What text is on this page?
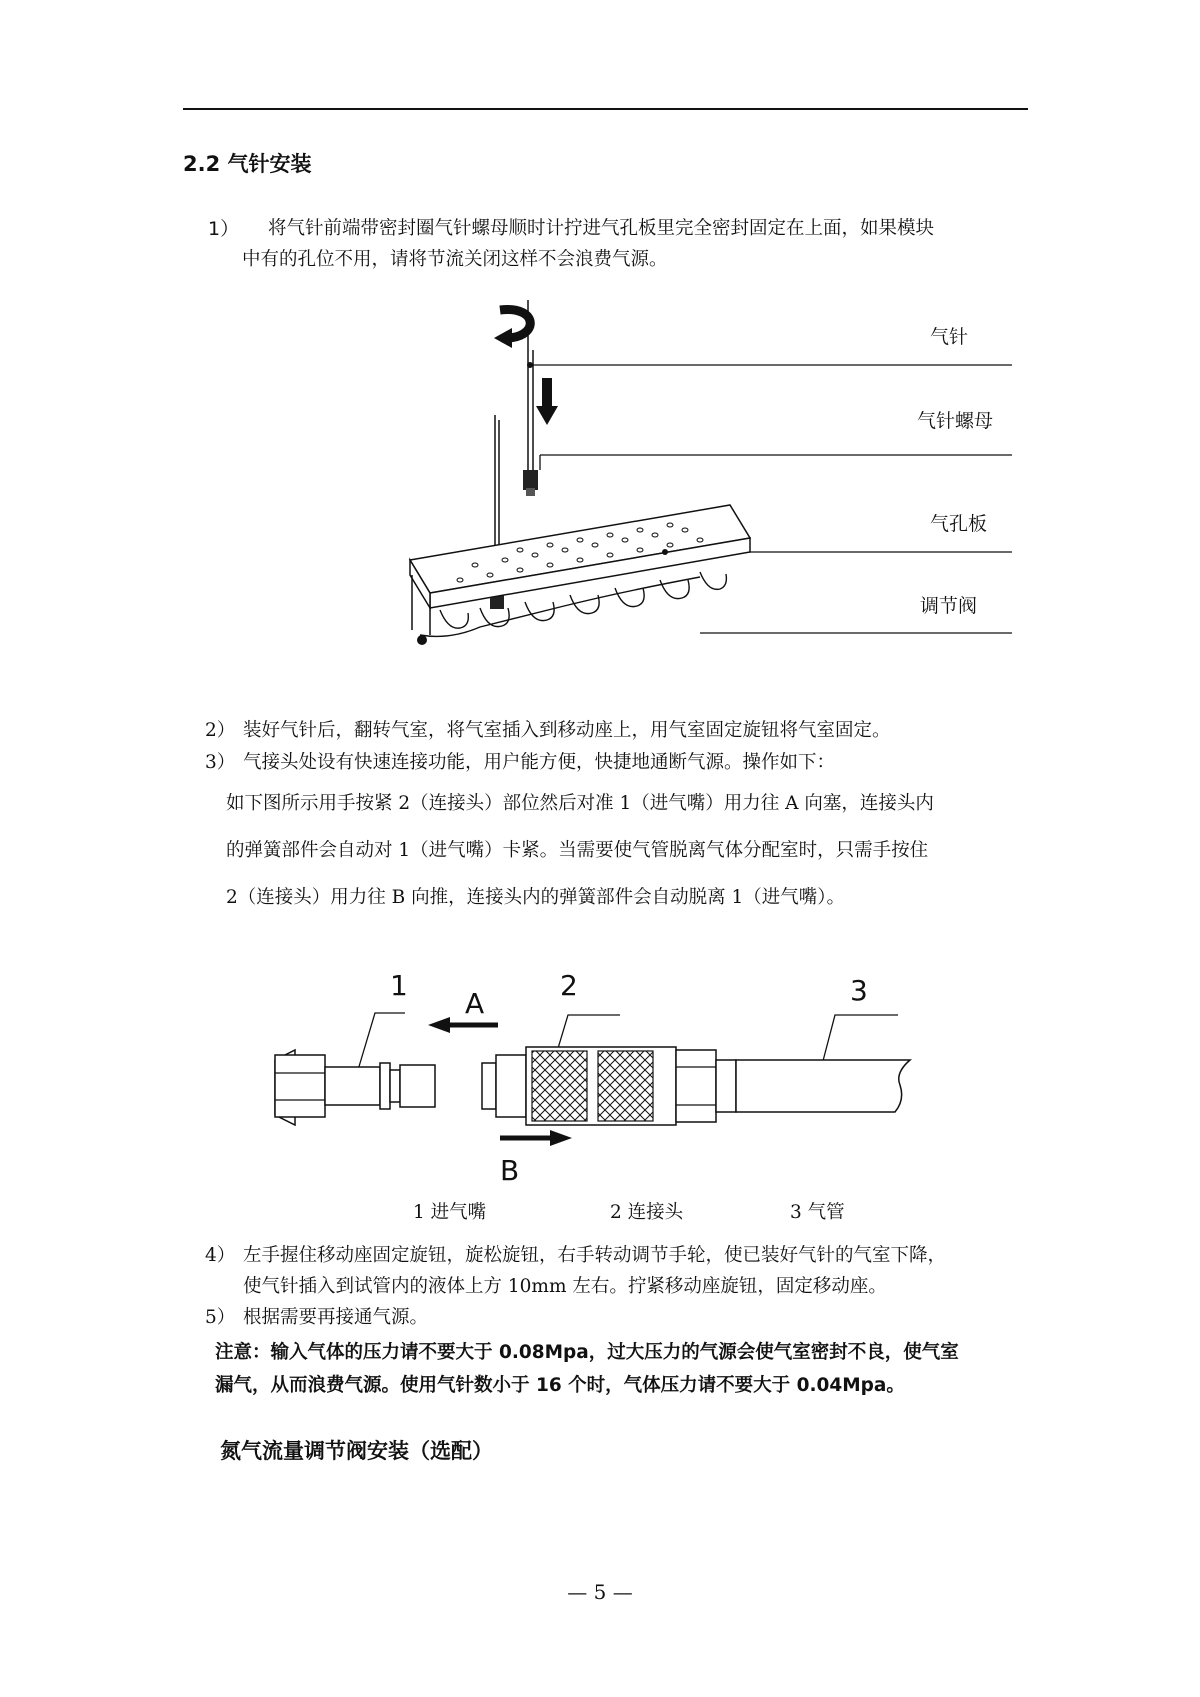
2.2 气针安装
1）	将气针前端带密封圈气针螺母顺时计拧进气孔板里完全密封固定在上面，如果模块
中有的孔位不用，请将节流关闭这样不会浪费气源。
气针
气针螺母
气孔板
调节阀
2） 装好气针后，翻转气室，将气室插入到移动座上，用气室固定旋钮将气室固定。
3） 气接头处设有快速连接功能，用户能方便，快捷地通断气源。操作如下：
如下图所示用手按紧 2（连接头）部位然后对准 1（进气嘴）用力往 A 向塞，连接头内
的弹簧部件会自动对 1（进气嘴）卡紧。当需要使气管脱离气体分配室时，只需手按住
2（连接头）用力往 B 向推，连接头内的弹簧部件会自动脱离 1（进气嘴）。
1	2	3
A
B
1 进气嘴	2 连接头	3 气管
4） 左手握住移动座固定旋钮，旋松旋钮，右手转动调节手轮，使已装好气针的气室下降，
使气针插入到试管内的液体上方 10mm 左右。拧紧移动座旋钮，固定移动座。
5） 根据需要再接通气源。
注意：输入气体的压力请不要大于 0.08Mpa，过大压力的气源会使气室密封不良，使气室
漏气，从而浪费气源。使用气针数小于 16 个时，气体压力请不要大于 0.04Mpa。
氮气流量调节阀安装（选配）
— 5 —
